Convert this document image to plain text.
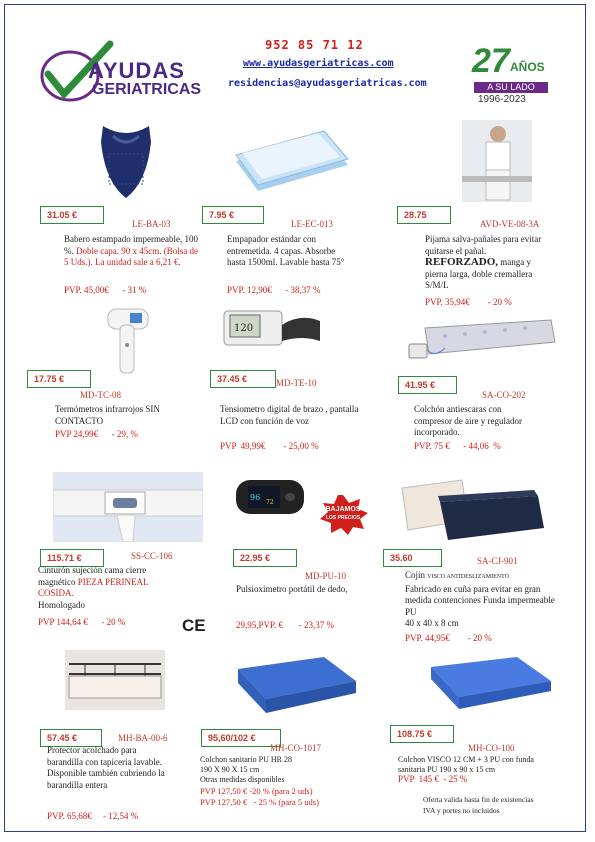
AYUDAS
GERIATRICAS
952 85 71 12
www.ayudasgeriatricas.com
residencias@ayudasgeriatricas.com
27 AÑOS
A SU LADO
1996-2023
31.05 €
LE-BA-03
Babero estampado impermeable, 100 %. Doble capa. 90 x 45cm. (Bolsa de 5 Uds.). La unidad sale a 6,21 €.
PVP. 45,00€      - 31 %
7.95 €
LE-EC-013
Empapador estándar con entremetida. 4 capas. Absorbe hasta 1500ml. Lavable hasta 75°
PVP. 12,90€      - 38,37 %
28.75
AVD-VE-08-3A
Pijama salva-pañales para evitar quitarse el pañal. REFORZADO, manga y pierna larga, doble cremallera S/M/L
PVP. 35,94€        - 20 %
120
17.75 €
MD-TC-08
Termómetros infrarrojos SIN CONTACTO
PVP 24,99€      - 29, %
37.45 €	MD-TE-10
Tensiometro digital de brazo , pantalla LCD con función de voz
PVP  49,99€        - 25,00 %
41.95 €
SA-CO-202
Colchón antiescaras con compresor de aire y regulador incorporado.
PVP. 75 €      - 44,06  %
96
72
BAJAMOS
LOS PRECIOS
115.71 €	SS-CC-106
Cinturón sujeción cama cierre magnético PIEZA PERINEAL COSIDA.
Homologado
PVP 144,64 €      - 20 %
22.95 €
MD-PU-10
Pulsioximetro portátil de dedo,
29,95,PVP. €       - 23,37 %
35.60	SA-CJ-901
Cojín VISCO ANTIDESLIZAMIENTO
Fabricado en cuña para evitar en gran medida contenciones Funda impermeable PU
40 x 40 x 8 cm
PVP. 44,95€        - 20 %
CE
57.45 €	MH-BA-00-6
Protector acolchado para barandilla con tapicería lavable. Disponible también cubriendo la barandilla entera
PVP. 65,68€     - 12,54 %
95,60/102 €
MH-CO-1017
Colchon sanitario PU HR 28
190 X 90 X 15 cm
Otras medidas disponibles
PVP 127,50 € -20 % (para 2 uds)
PVP 127,50 €   - 25 % (para 5 uds)
108.75 €
MH-CO-100
Colchon VISCO 12 CM + 3 PU con funda sanitaria PU 190 x 90 x 15 cm
PVP  145 €  - 25 %
Oferta valida hasta fin de existencias
IVA y portes no incluidos
